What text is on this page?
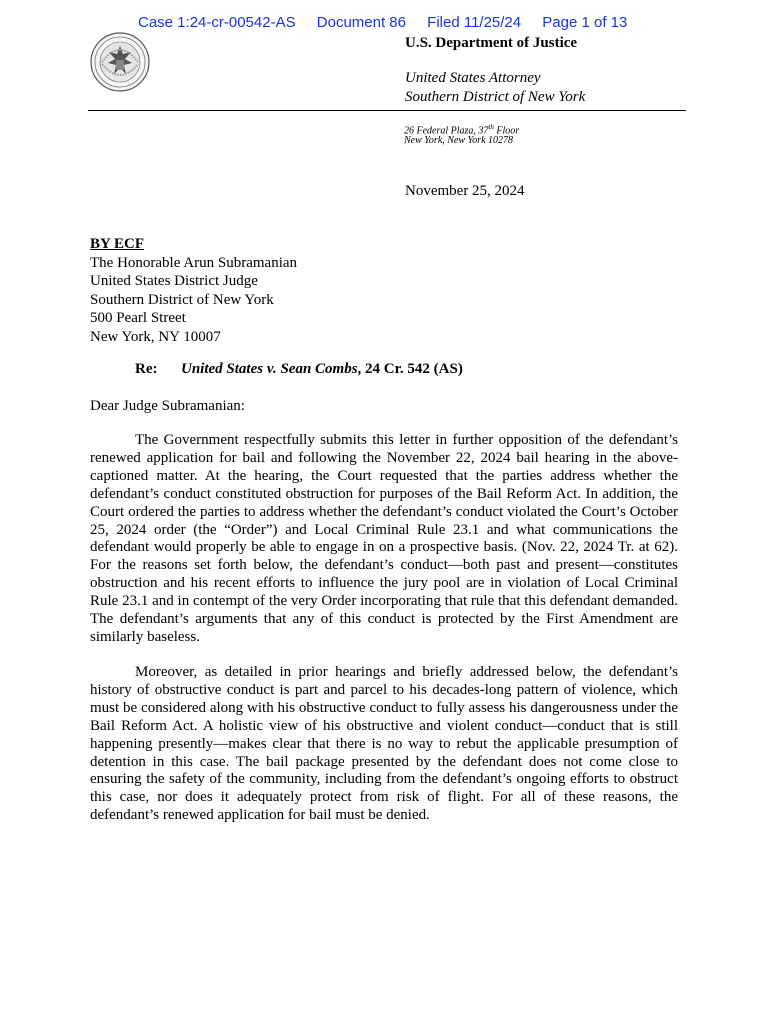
Case 1:24-cr-00542-AS Document 86 Filed 11/25/24 Page 1 of 13
U.S. Department of Justice
United States Attorney
Southern District of New York
26 Federal Plaza, 37th Floor
New York, New York 10278
November 25, 2024
BY ECF
The Honorable Arun Subramanian
United States District Judge
Southern District of New York
500 Pearl Street
New York, NY 10007
Re: United States v. Sean Combs, 24 Cr. 542 (AS)
Dear Judge Subramanian:

The Government respectfully submits this letter in further opposition of the defendant’s renewed application for bail and following the November 22, 2024 bail hearing in the above-captioned matter. At the hearing, the Court requested that the parties address whether the defendant’s conduct constituted obstruction for purposes of the Bail Reform Act. In addition, the Court ordered the parties to address whether the defendant’s conduct violated the Court’s October 25, 2024 order (the “Order”) and Local Criminal Rule 23.1 and what communications the defendant would properly be able to engage in on a prospective basis. (Nov. 22, 2024 Tr. at 62). For the reasons set forth below, the defendant’s conduct—both past and present—constitutes obstruction and his recent efforts to influence the jury pool are in violation of Local Criminal Rule 23.1 and in contempt of the very Order incorporating that rule that this defendant demanded. The defendant’s arguments that any of this conduct is protected by the First Amendment are similarly baseless.

Moreover, as detailed in prior hearings and briefly addressed below, the defendant’s history of obstructive conduct is part and parcel to his decades-long pattern of violence, which must be considered along with his obstructive conduct to fully assess his dangerousness under the Bail Reform Act. A holistic view of his obstructive and violent conduct—conduct that is still happening presently—makes clear that there is no way to rebut the applicable presumption of detention in this case. The bail package presented by the defendant does not come close to ensuring the safety of the community, including from the defendant’s ongoing efforts to obstruct this case, nor does it adequately protect from risk of flight. For all of these reasons, the defendant’s renewed application for bail must be denied.
